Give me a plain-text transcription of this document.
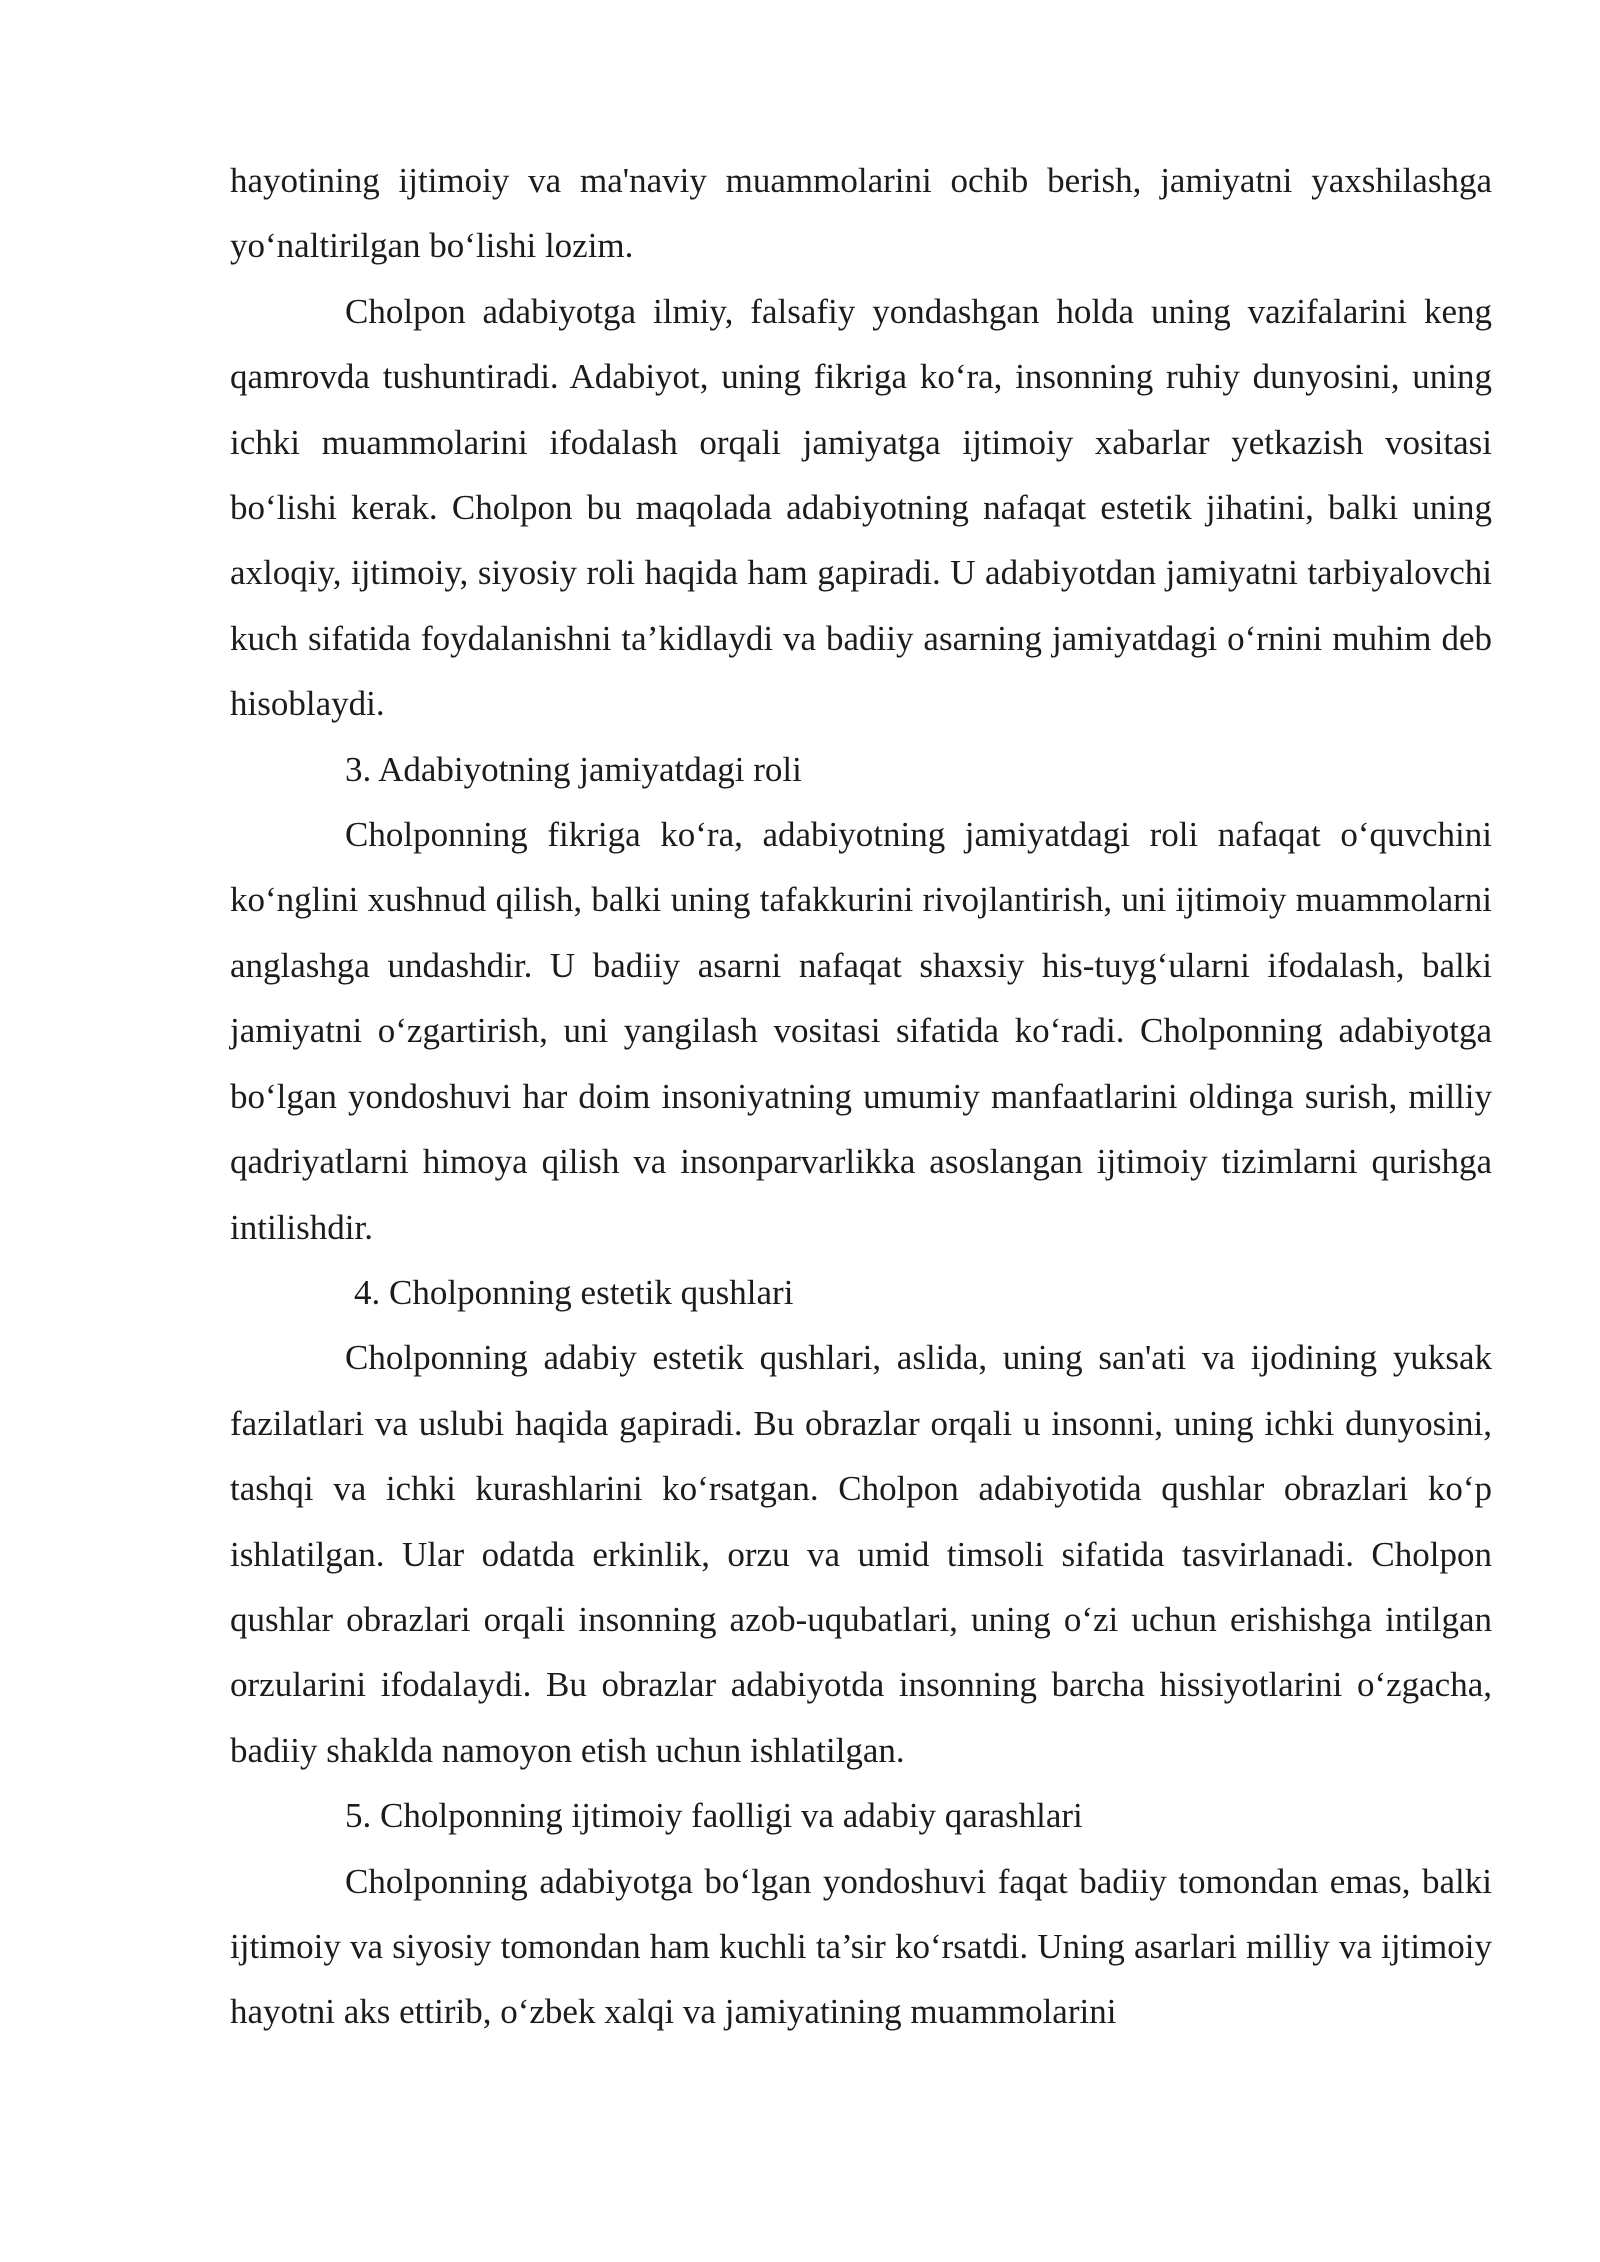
hayotining ijtimoiy va ma'naviy muammolarini ochib berish, jamiyatni yaxshilashga yo‘naltirilgan bo‘lishi lozim.

Cholpon adabiyotga ilmiy, falsafiy yondashgan holda uning vazifalarini keng qamrovda tushuntiradi. Adabiyot, uning fikriga ko‘ra, insonning ruhiy dunyosini, uning ichki muammolarini ifodalash orqali jamiyatga ijtimoiy xabarlar yetkazish vositasi bo‘lishi kerak. Cholpon bu maqolada adabiyotning nafaqat estetik jihatini, balki uning axloqiy, ijtimoiy, siyosiy roli haqida ham gapiradi. U adabiyotdan jamiyatni tarbiyalovchi kuch sifatida foydalanishni ta’kidlaydi va badiiy asarning jamiyatdagi o‘rnini muhim deb hisoblaydi.

3. Adabiyotning jamiyatdagi roli

Cholponning fikriga ko‘ra, adabiyotning jamiyatdagi roli nafaqat o‘quvchini ko‘nglini xushnud qilish, balki uning tafakkurini rivojlantirish, uni ijtimoiy muammolarni anglashga undashdir. U badiiy asarni nafaqat shaxsiy his-tuyg‘ularni ifodalash, balki jamiyatni o‘zgartirish, uni yangilash vositasi sifatida ko‘radi. Cholponning adabiyotga bo‘lgan yondoshuvi har doim insoniyatning umumiy manfaatlarini oldinga surish, milliy qadriyatlarni himoya qilish va insonparvarlikka asoslangan ijtimoiy tizimlarni qurishga intilishdir.

4. Cholponning estetik qushlari

Cholponning adabiy estetik qushlari, aslida, uning san'ati va ijodining yuksak fazilatlari va uslubi haqida gapiradi. Bu obrazlar orqali u insonni, uning ichki dunyosini, tashqi va ichki kurashlarini ko‘rsatgan. Cholpon adabiyotida qushlar obrazlari ko‘p ishlatilgan. Ular odatda erkinlik, orzu va umid timsoli sifatida tasvirlanadi. Cholpon qushlar obrazlari orqali insonning azob-uqubatlari, uning o‘zi uchun erishishga intilgan orzularini ifodalaydi. Bu obrazlar adabiyotda insonning barcha hissiyotlarini o‘zgacha, badiiy shaklda namoyon etish uchun ishlatilgan.

5. Cholponning ijtimoiy faolligi va adabiy qarashlari

Cholponning adabiyotga bo‘lgan yondoshuvi faqat badiiy tomondan emas, balki ijtimoiy va siyosiy tomondan ham kuchli ta’sir ko‘rsatdi. Uning asarlari milliy va ijtimoiy hayotni aks ettirib, o‘zbek xalqi va jamiyatining muammolarini
